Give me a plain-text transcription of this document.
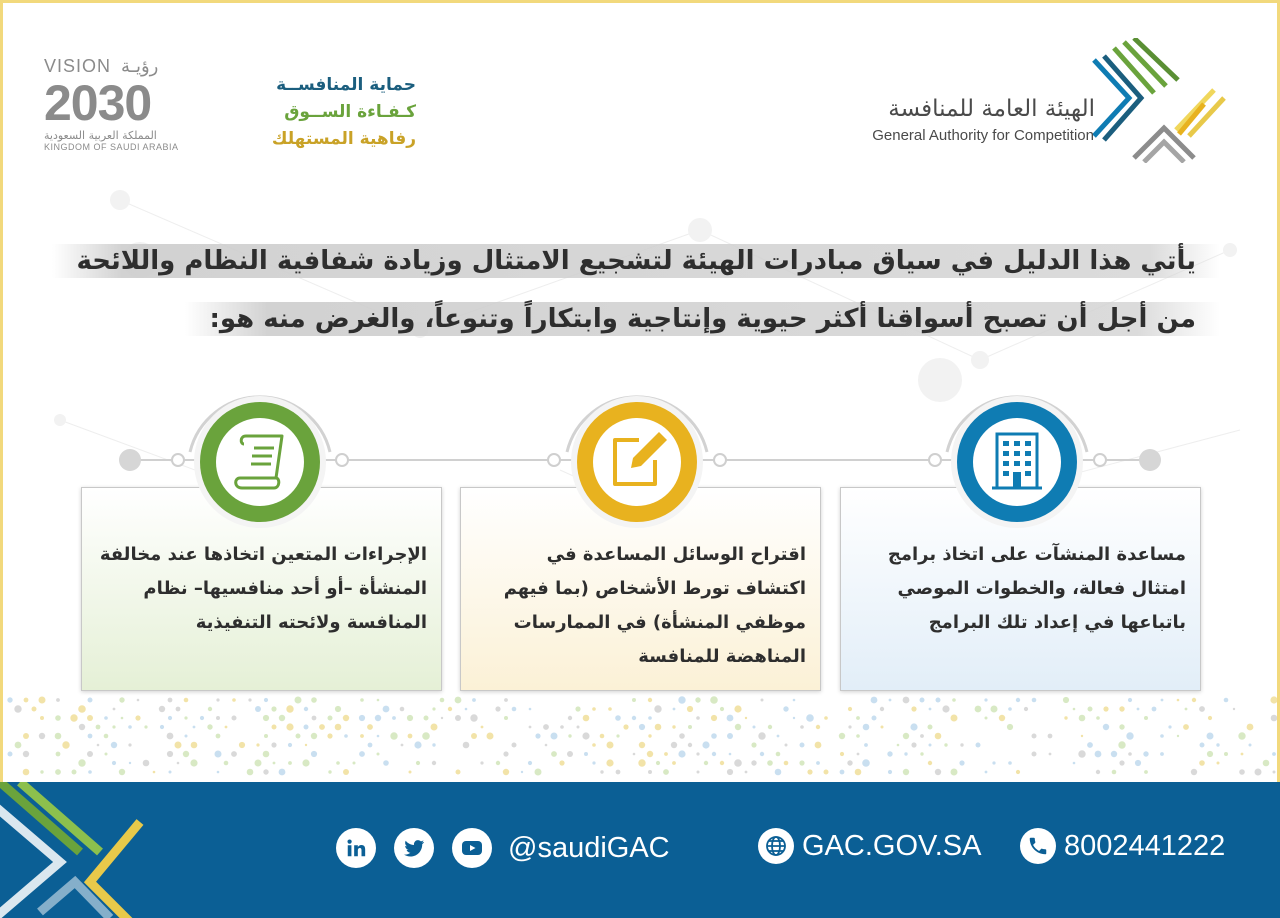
الهيئة العامة للمنافسة
General Authority for Competition
VISION رؤيـة
2030
المملكة العربية السعودية
KINGDOM OF SAUDI ARABIA
حماية المنافســة
كـفـاءة الســوق
رفاهية المستهلك
يأتي هذا الدليل في سياق مبادرات الهيئة لتشجيع الامتثال وزيادة شفافية النظام واللائحة
من أجل أن تصبح أسواقنا أكثر حيوية وإنتاجية وابتكاراً وتنوعاً، والغرض منه هو:
مساعدة المنشآت على اتخاذ برامج امتثال فعالة، والخطوات الموصي باتباعها في إعداد تلك البرامج
اقتراح الوسائل المساعدة في اكتشاف تورط الأشخاص (بما فيهم موظفي المنشأة) في الممارسات المناهضة للمنافسة
الإجراءات المتعين اتخاذها عند مخالفة المنشأة –أو أحد منافسيها– نظام المنافسة ولائحته التنفيذية
8002441222
GAC.GOV.SA
@saudiGAC
